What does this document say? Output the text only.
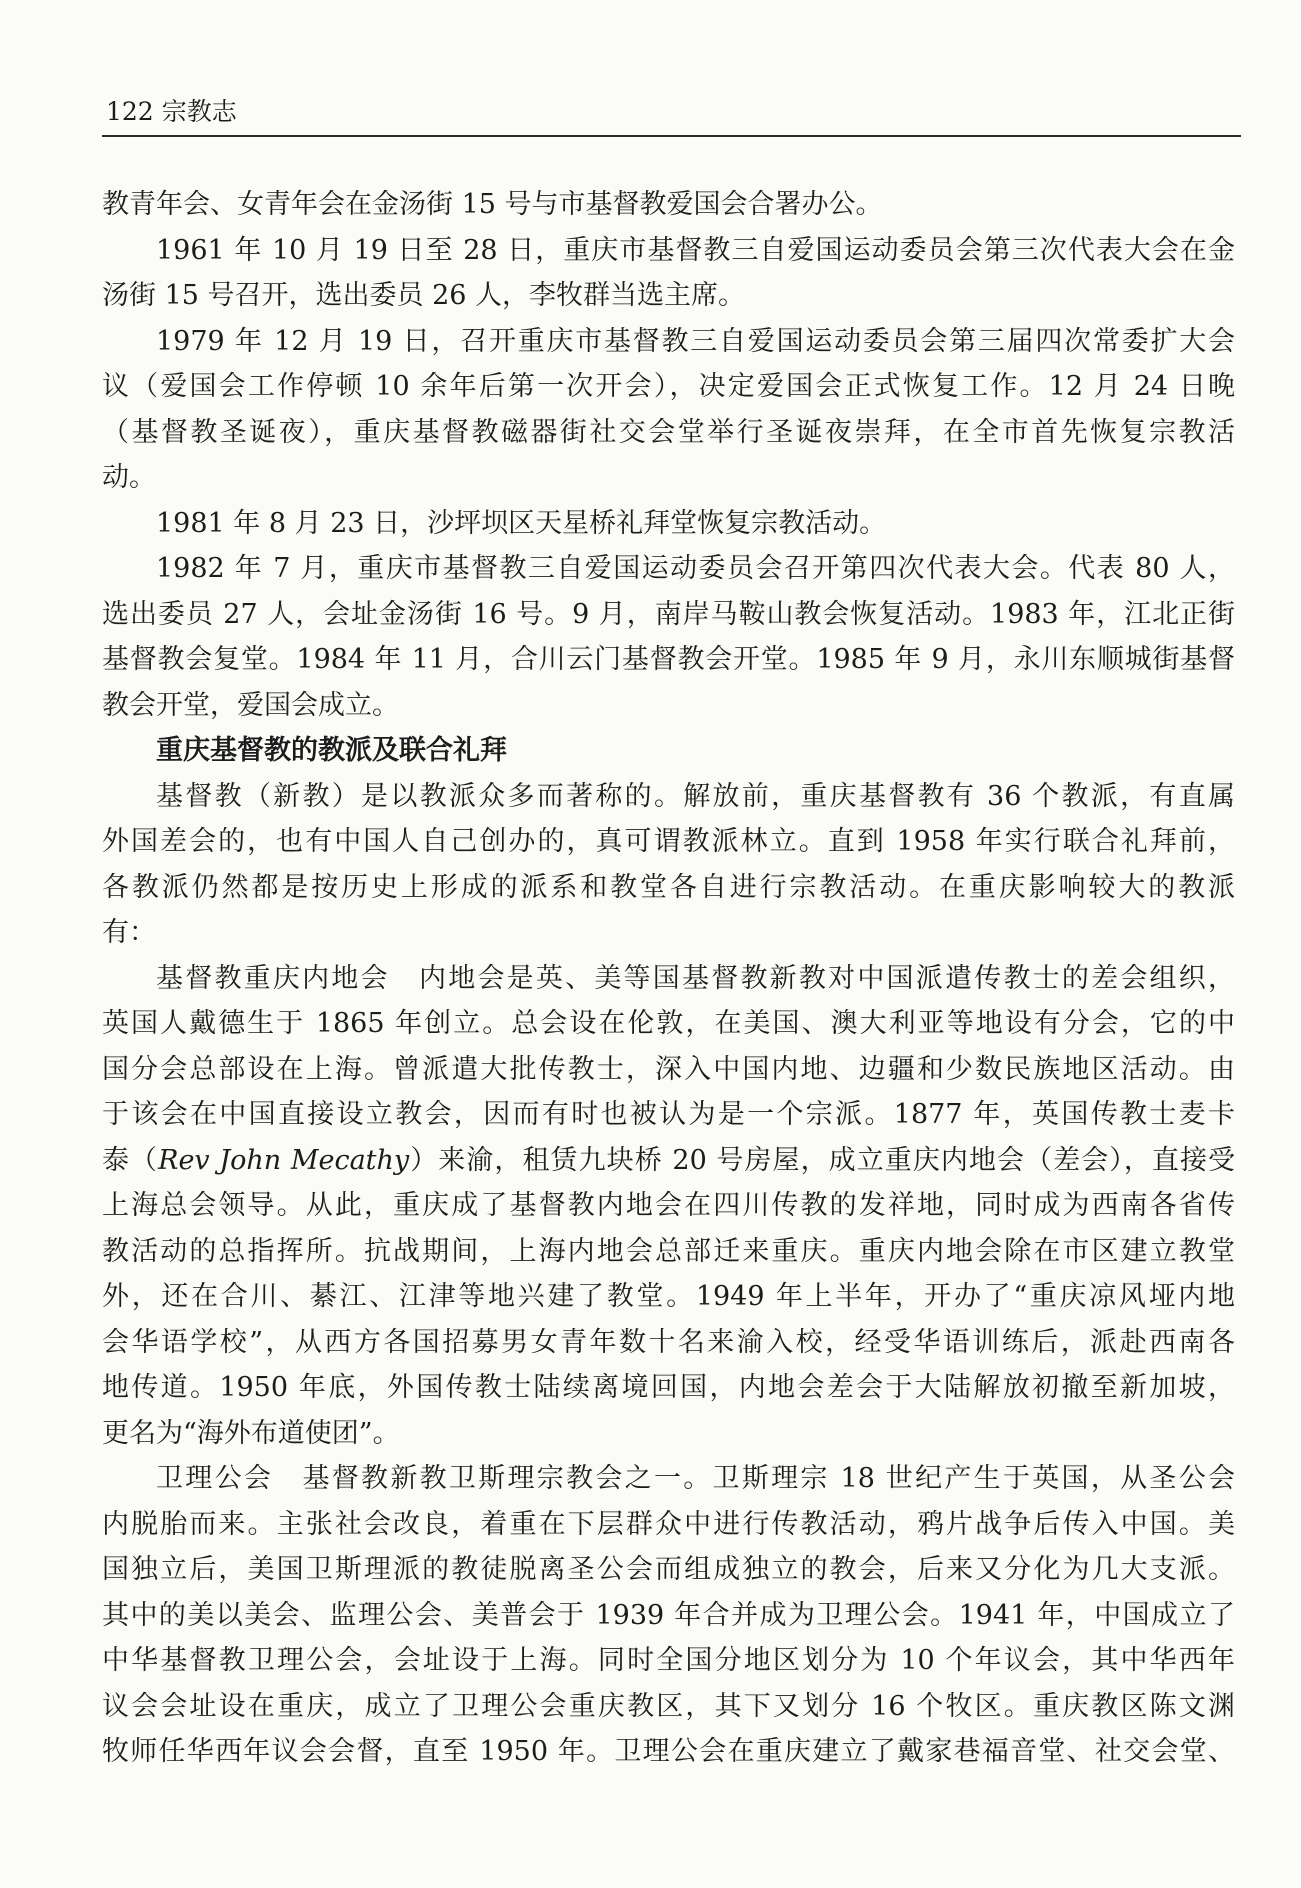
122 宗教志
教青年会、女青年会在金汤街 15 号与市基督教爱国会合署办公。
1961 年 10 月 19 日至 28 日，重庆市基督教三自爱国运动委员会第三次代表大会在金
汤街 15 号召开，选出委员 26 人，李牧群当选主席。
1979 年 12 月 19 日，召开重庆市基督教三自爱国运动委员会第三届四次常委扩大会
议（爱国会工作停顿 10 余年后第一次开会），决定爱国会正式恢复工作。12 月 24 日晚
（基督教圣诞夜），重庆基督教磁器街社交会堂举行圣诞夜崇拜，在全市首先恢复宗教活
动。
1981 年 8 月 23 日，沙坪坝区天星桥礼拜堂恢复宗教活动。
1982 年 7 月，重庆市基督教三自爱国运动委员会召开第四次代表大会。代表 80 人，
选出委员 27 人，会址金汤街 16 号。9 月，南岸马鞍山教会恢复活动。1983 年，江北正街
基督教会复堂。1984 年 11 月，合川云门基督教会开堂。1985 年 9 月，永川东顺城街基督
教会开堂，爱国会成立。
重庆基督教的教派及联合礼拜
基督教（新教）是以教派众多而著称的。解放前，重庆基督教有 36 个教派，有直属
外国差会的，也有中国人自己创办的，真可谓教派林立。直到 1958 年实行联合礼拜前，
各教派仍然都是按历史上形成的派系和教堂各自进行宗教活动。在重庆影响较大的教派
有：
基督教重庆内地会　内地会是英、美等国基督教新教对中国派遣传教士的差会组织，
英国人戴德生于 1865 年创立。总会设在伦敦，在美国、澳大利亚等地设有分会，它的中
国分会总部设在上海。曾派遣大批传教士，深入中国内地、边疆和少数民族地区活动。由
于该会在中国直接设立教会，因而有时也被认为是一个宗派。1877 年，英国传教士麦卡
泰（Rev John Mecathy）来渝，租赁九块桥 20 号房屋，成立重庆内地会（差会），直接受
上海总会领导。从此，重庆成了基督教内地会在四川传教的发祥地，同时成为西南各省传
教活动的总指挥所。抗战期间，上海内地会总部迁来重庆。重庆内地会除在市区建立教堂
外，还在合川、綦江、江津等地兴建了教堂。1949 年上半年，开办了“重庆凉风垭内地
会华语学校”，从西方各国招募男女青年数十名来渝入校，经受华语训练后，派赴西南各
地传道。1950 年底，外国传教士陆续离境回国，内地会差会于大陆解放初撤至新加坡，
更名为“海外布道使团”。
卫理公会　基督教新教卫斯理宗教会之一。卫斯理宗 18 世纪产生于英国，从圣公会
内脱胎而来。主张社会改良，着重在下层群众中进行传教活动，鸦片战争后传入中国。美
国独立后，美国卫斯理派的教徒脱离圣公会而组成独立的教会，后来又分化为几大支派。
其中的美以美会、监理公会、美普会于 1939 年合并成为卫理公会。1941 年，中国成立了
中华基督教卫理公会，会址设于上海。同时全国分地区划分为 10 个年议会，其中华西年
议会会址设在重庆，成立了卫理公会重庆教区，其下又划分 16 个牧区。重庆教区陈文渊
牧师任华西年议会会督，直至 1950 年。卫理公会在重庆建立了戴家巷福音堂、社交会堂、
